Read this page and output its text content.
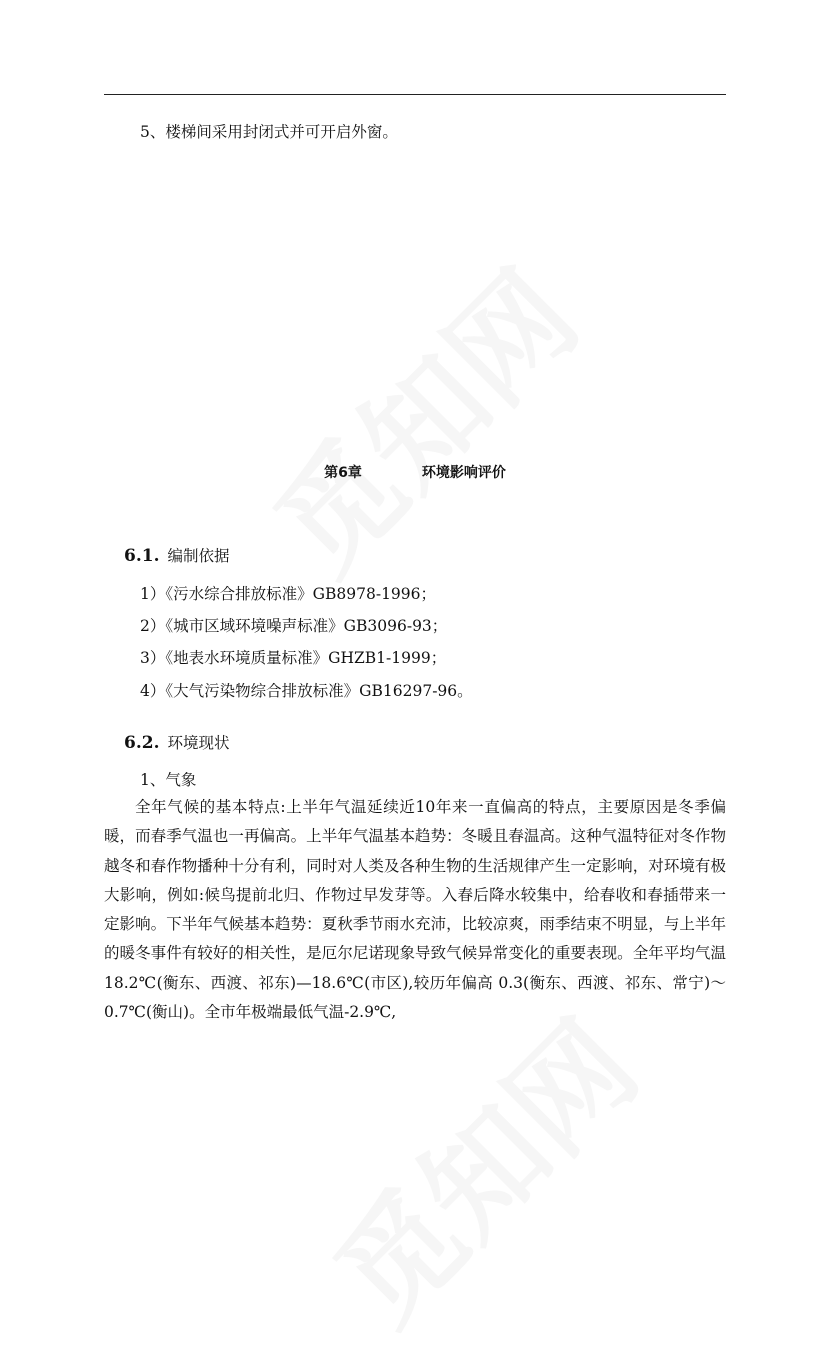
5、楼梯间采用封闭式并可开启外窗。
第6章	环境影响评价
6.1. 编制依据
1）《污水综合排放标准》GB8978-1996；
2）《城市区域环境噪声标准》GB3096-93；
3）《地表水环境质量标准》GHZB1-1999；
4）《大气污染物综合排放标准》GB16297-96。
6.2. 环境现状
1、气象

全年气候的基本特点:上半年气温延续近10年来一直偏高的特点，主要原因是冬季偏暖，而春季气温也一再偏高。上半年气温基本趋势：冬暖且春温高。这种气温特征对冬作物越冬和春作物播种十分有利，同时对人类及各种生物的生活规律产生一定影响，对环境有极大影响，例如:候鸟提前北归、作物过早发芽等。入春后降水较集中，给春收和春插带来一定影响。下半年气候基本趋势：夏秋季节雨水充沛，比较凉爽，雨季结束不明显，与上半年的暖冬事件有较好的相关性，是厄尔尼诺现象导致气候异常变化的重要表现。全年平均气温 18.2℃(衡东、西渡、祁东)—18.6℃(市区),较历年偏高 0.3(衡东、西渡、祁东、常宁)～0.7℃(衡山)。全市年极端最低气温-2.9℃,
